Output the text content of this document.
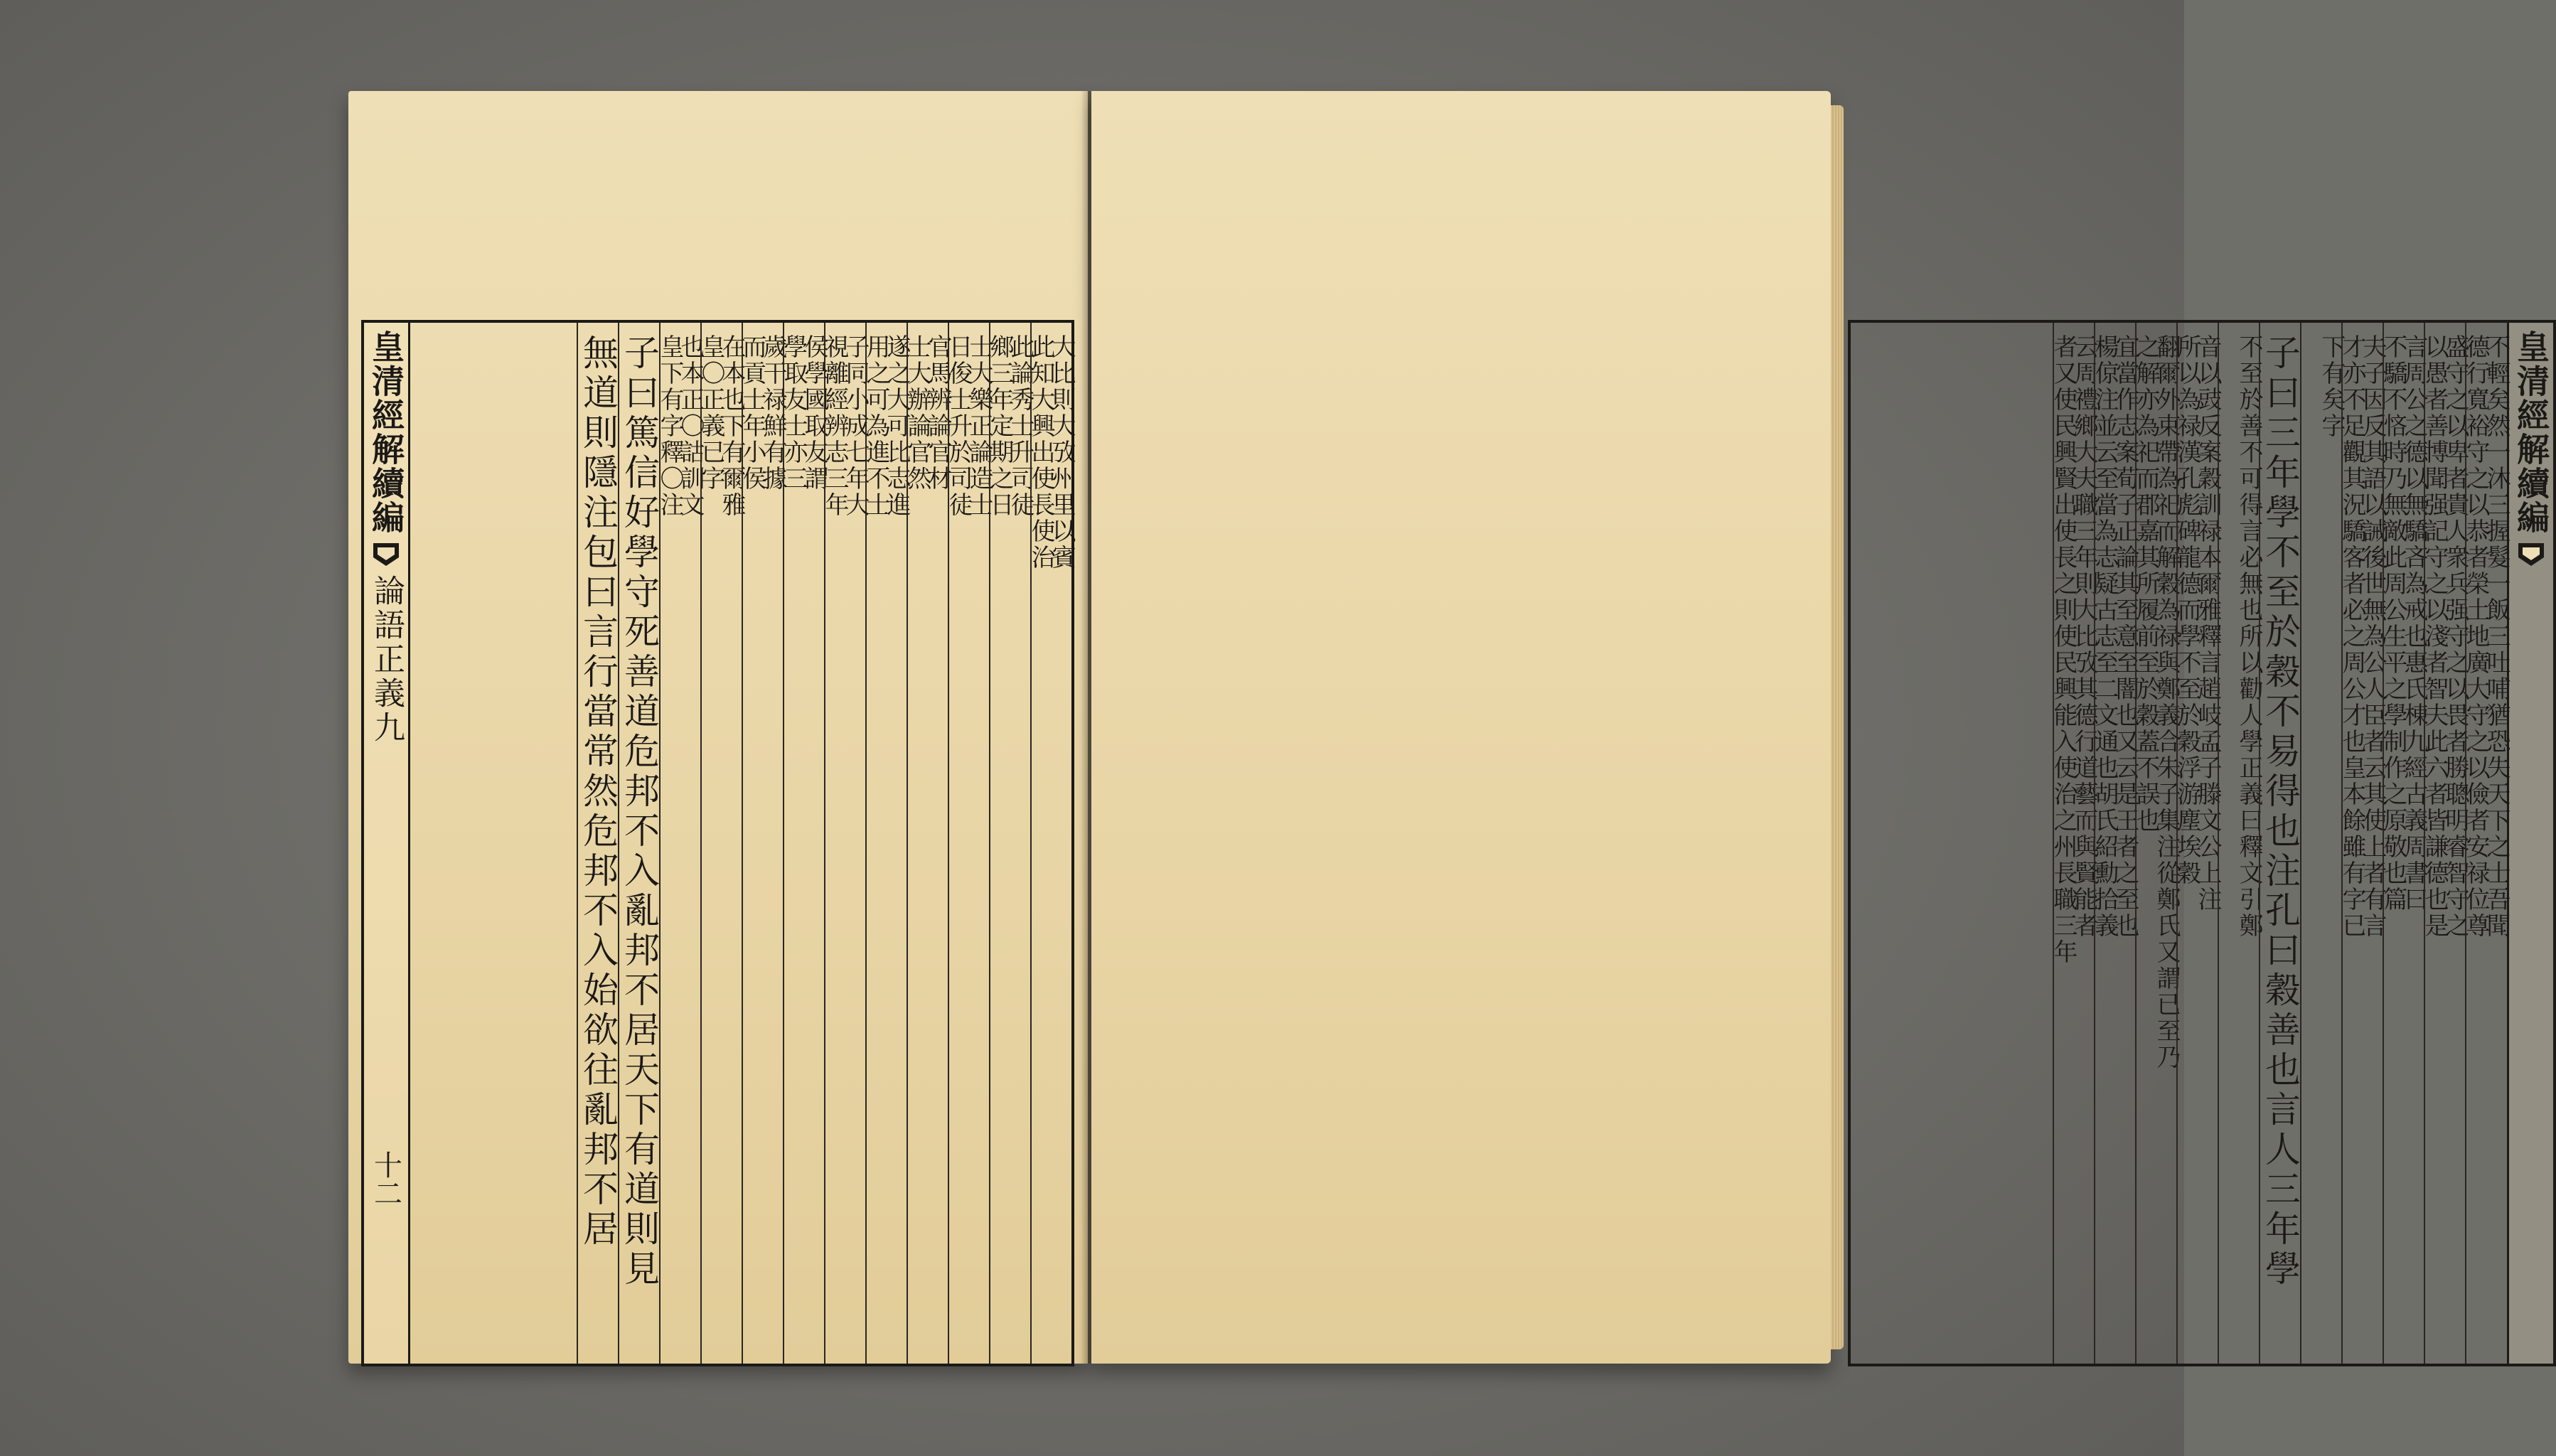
皇清經解續編
論語正義九
十二
大比則大攷州里以賓
此知大興出使長使治
此論秀士升司徒
鄉三年定期之日
士大樂正論造士
日俊士升於司徒
官馬辨論官材
士大辦論官然
遂之大可比志進
用之可為進不士
子同小成七年大
視離經辨志三年
侯學國取友謂
學取友士亦三
歲干禄鮮有據
而貢士年小侯
在本也下有爾雅
皇〇正義已字
也本正〇詁訓文
皇下有字釋〇注
子曰篤信好學守死善道危邦不入亂邦不居天下有道則見
無道則隱注包曰言行當常然危邦不入始欲往亂邦不居	皇清經解續編
不輕矣然一沐三握髮一飯三吐哺猶恐失天下之士吾聞
德行寬裕守之以恭者榮土地廣大守之以儉者安禄位尊
盛守之以卑者貴人衆兵强守之以畏者勝聰明睿智守之
以愚者善博聞强記守之以淺者智夫此六者皆謙德也是
言周公之德以無驕吝為戒也惠氏棟九經古義周書曰
不驕不悋時乃無敵此周公生平之學制作之原敬也篇
夫子因反其語以誡後世無為公人臣者云其使上者有言
才亦不足觀其況驕客者必之周公才也皇本餘雖有字已
下有矣字
子曰三年學不至於穀不易得也注孔曰穀善也言人三年學
不至於善不可得言必無也所以勸人學正義曰釋文引鄭
音以豉反案穀訓禄本爾雅釋言趙岐孟子滕文公上注
所以為禄漢孔彪碑龍德而學不至於穀浮游塵埃穀
翻爾外束帶為祀而解穀為禄與鄭義合朱子集注從鄭氏又謂已至乃
之解亦為祀而郡嘉其所履前至於穀蓋不誤也
宜當作志案荀子正論其至意至闇也又云是王者之至也
楊倞注並云至當為志疑古志至二文通也胡氏紹勳拾義
云周禮鄉大夫職三年則大比攷其德行道藝而與賢能者
者又使民興賢出使長之則使民興能入使治之州長職三年
